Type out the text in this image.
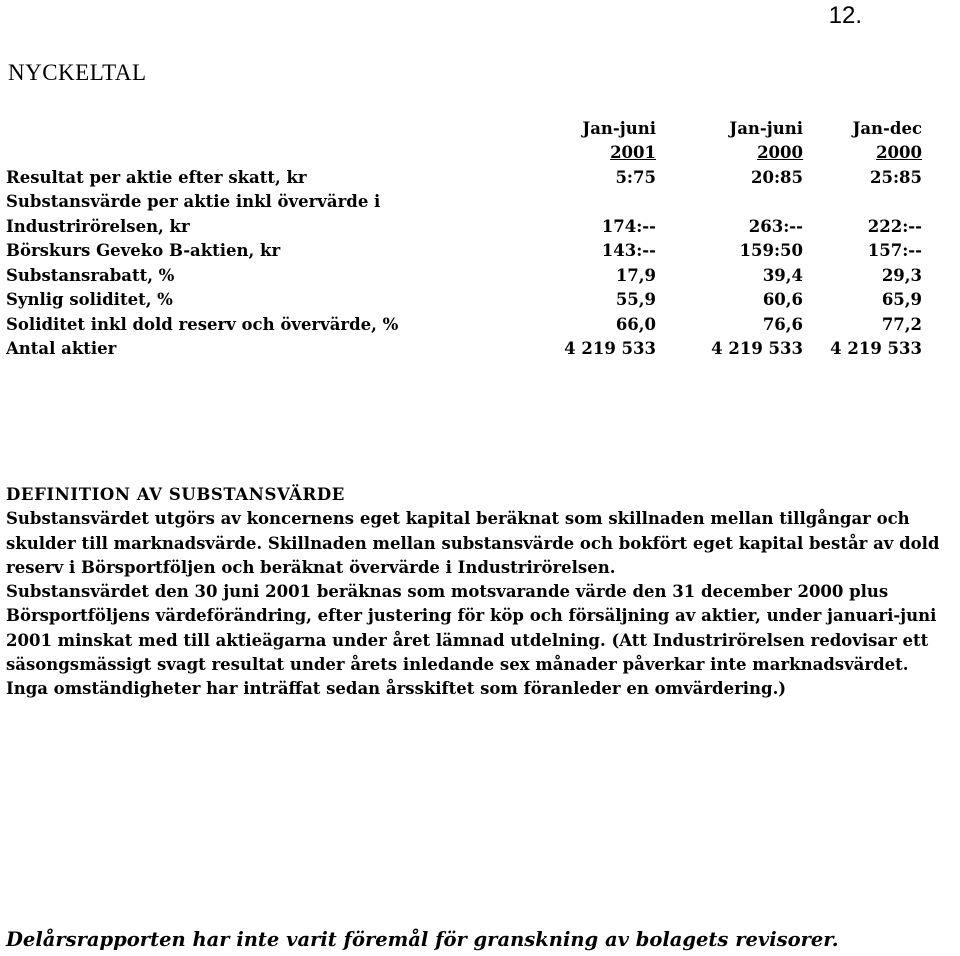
12.
NYCKELTAL
	Jan-juni	Jan-juni	Jan-dec
	2001	2000	2000
Resultat per aktie efter skatt, kr	5:75	20:85	25:85
Substansvärde per aktie inkl övervärde i			
Industrirörelsen, kr	174:--	263:--	222:--
Börskurs Geveko B-aktien, kr	143:--	159:50	157:--
Substansrabatt, %	17,9	39,4	29,3
Synlig soliditet, %	55,9	60,6	65,9
Soliditet inkl dold reserv och övervärde, %	66,0	76,6	77,2
Antal aktier	4 219 533	4 219 533	4 219 533

DEFINITION AV SUBSTANSVÄRDE

Substansvärdet utgörs av koncernens eget kapital beräknat som skillnaden mellan tillgångar och skulder till marknadsvärde. Skillnaden mellan substansvärde och bokfört eget kapital består av dold reserv i Börsportföljen och beräknat övervärde i Industrirörelsen.

Substansvärdet den 30 juni 2001 beräknas som motsvarande värde den 31 december 2000 plus Börsportföljens värdeförändring, efter justering för köp och försäljning av aktier, under januari-juni 2001 minskat med till aktieägarna under året lämnad utdelning. (Att Industrirörelsen redovisar ett säsongsmässigt svagt resultat under årets inledande sex månader påverkar inte marknadsvärdet. Inga omständigheter har inträffat sedan årsskiftet som föranleder en omvärdering.)

Delårsrapporten har inte varit föremål för granskning av bolagets revisorer.
